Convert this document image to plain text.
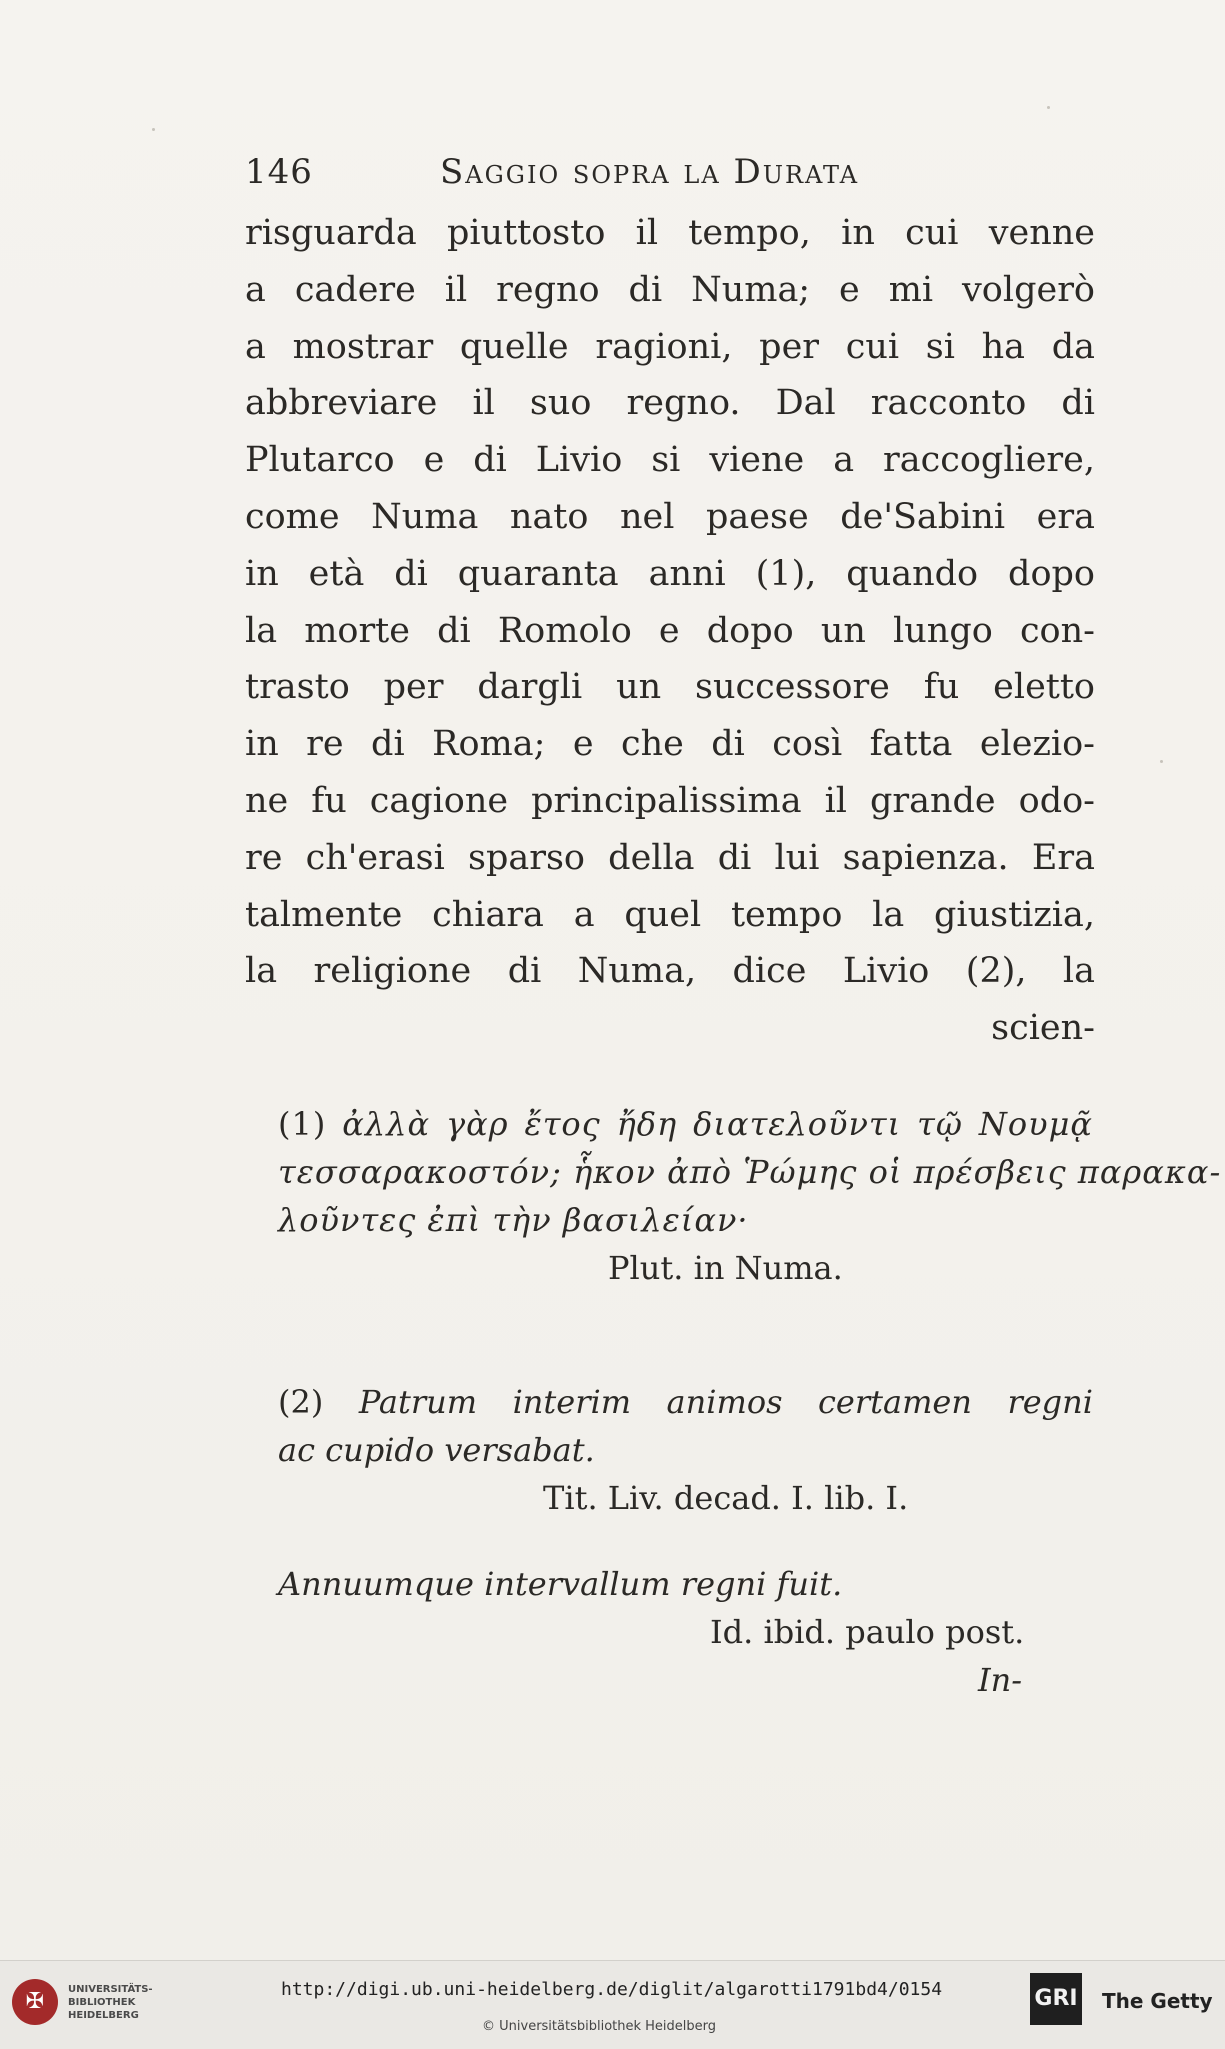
146	Saggio sopra la Durata
risguarda piuttosto il tempo, in cui venne
a cadere il regno di Numa; e mi volgerò
a mostrar quelle ragioni, per cui si ha da
abbreviare il suo regno. Dal racconto di
Plutarco e di Livio si viene a raccogliere,
come Numa nato nel paese de'Sabini era
in età di quaranta anni (1), quando dopo
la morte di Romolo e dopo un lungo con-
trasto per dargli un successore fu eletto
in re di Roma; e che di così fatta elezio-
ne fu cagione principalissima il grande odo-
re ch'erasi sparso della di lui sapienza. Era
talmente chiara a quel tempo la giustizia,
la religione di Numa, dice Livio (2), la
scien-
(1) ἀλλὰ γὰρ ἔτος ἤδη διατελοῦντι τῷ Νουμᾷ
τεσσαρακοστόν; ἧκον ἀπὸ Ῥώμης οἱ πρέσβεις παρακα-
λοῦντες ἐπὶ τὴν βασιλείαν·
Plut. in Numa.
(2) Patrum interim animos certamen regni
ac cupido versabat.
Tit. Liv. decad. I. lib. I.
Annuumque intervallum regni fuit.
Id. ibid. paulo post.
In-
✠	UNIVERSITÄTS-
BIBLIOTHEK
HEIDELBERG
http://digi.ub.uni-heidelberg.de/diglit/algarotti1791bd4/0154
© Universitätsbibliothek Heidelberg
GRI The Getty
